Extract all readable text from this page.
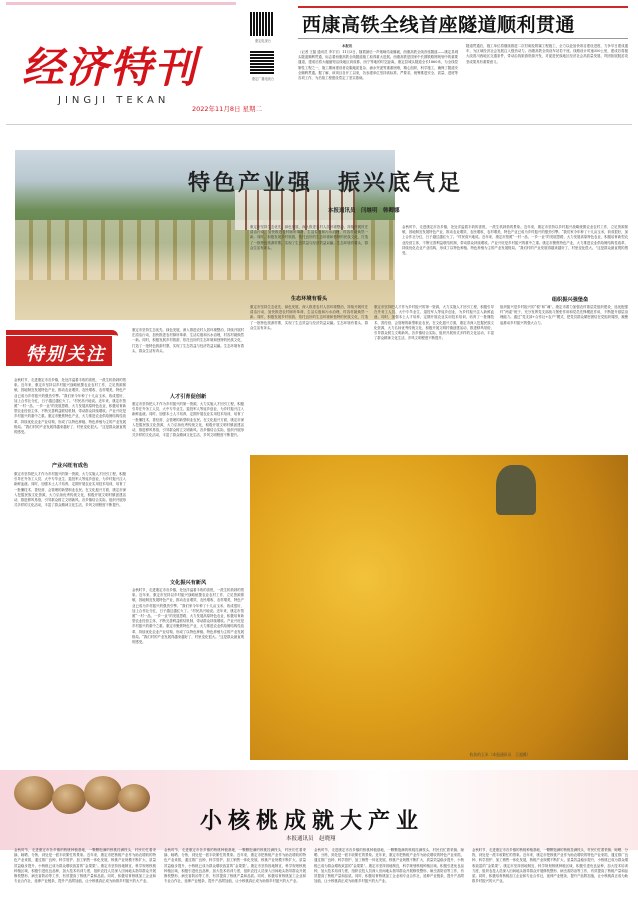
经济特刊
JINGJI TEKAN
2022年11月8日 星期二
康定电视台
康定广播电视台
西康高铁全线首座隧道顺利贯通
本报讯
（记者 王磊 通讯员 李宇宏）11月3日，随着最后一声炮响结束爆破，西康高铁全线首座隧道——康定县城头隧道顺利贯通，标志着西康高铁全线隧道施工取得重大进展。西康高铁是国家中长期铁路网规划中的重要通道，建成后将大幅缩短沿线地区到成都、西宁等地的时空距离。康定县城头隧道全长1860米，为全线控制性工程之一，施工期间建设者克服地质复杂、涌水突泥等重重困难，精心组织，科学施工，确保了隧道安全顺利贯通。据了解，该项目自开工以来，各参建单位坚持高标准、严要求，统筹推进安全、质量、进度等各项工作，为后续工程建设奠定了坚实基础。
隧道贯通后，施工单位将继续推进二次衬砌及附属工程施工，全力以赴加快项目建设进度，力争早日建成通车，为区域经济社会发展注入强劲动力。西康高铁全线设车站若干座，线路设计时速350公里，建成后将极大改善川西地区交通条件，带动沿线旅游资源开发，对促进民族地区经济社会高质量发展、巩固拓展脱贫攻坚成果具有重要意义。
特色产业强　振兴底气足
本报通讯员　闫继明　韩卿娜
金秋时节，走进康定市各乡镇，处处洋溢着丰收的喜悦，一派生机勃勃的景象。近年来，康定市坚持以乡村振兴战略统揽农业农村工作，立足资源禀赋，因地制宜发展特色产业，推动农业增效、农民增收、农村增美，特色产业已成为乡村振兴的强劲引擎。“我们家今年种了十几亩玉米，收成很好，加上合作社分红，日子越过越红火了。”村民高兴地说。近年来，康定市按照“一村一品、一乡一业”的发展思路，大力发展高原特色农业，积极培育新型农业经营主体，不断完善利益联结机制，带动群众持续增收。产业兴旺是乡村振兴的重中之重。康定市聚焦特色产业，大力推进农业供给侧结构性改革，持续优化农业产业结构，形成了以特色种植、特色养殖为主的产业发展格局。“我们村的产业发展得越来越好了，村里变化很大。”这是群众最直观的感受。
组织振兴强堡垒
组织振兴是乡村振兴的“根”和“魂”。康定市着力加强农村基层党组织建设，选优配强村“两委”班子，充分发挥党支部战斗堡垒作用和党员先锋模范作用，不断提升基层治理能力。通过“党支部+合作社+农户”模式，把党员群众紧密团结在党组织周围，凝聚起推动乡村振兴的强大合力。
特别关注
金秋时节，走进康定市各乡镇，处处洋溢着丰收的喜悦，一派生机勃勃的景象。近年来，康定市坚持以乡村振兴战略统揽农业农村工作，立足资源禀赋，因地制宜发展特色产业，推动农业增效、农民增收、农村增美，特色产业已成为乡村振兴的强劲引擎。“我们家今年种了十几亩玉米，收成很好，加上合作社分红，日子越过越红火了。”村民高兴地说。近年来，康定市按照“一村一品、一乡一业”的发展思路，大力发展高原特色农业，积极培育新型农业经营主体，不断完善利益联结机制，带动群众持续增收。产业兴旺是乡村振兴的重中之重。康定市聚焦特色产业，大力推进农业供给侧结构性改革，持续优化农业产业结构，形成了以特色种植、特色养殖为主的产业发展格局。“我们村的产业发展得越来越好了，村里变化很大。”这是群众最直观的感受。
产业兴旺有成色
康定市坚持把人才作为乡村振兴的第一资源，大力实施人才回引工程，积极引导在外务工人员、大中专毕业生、退役军人等返乡创业，为乡村振兴注入新鲜血液。同时，加强本土人才培养，定期开展农业实用技术培训，培育了一批懂技术、善经营、会管理的新型职业农民。在文化振兴方面，康定市深入挖掘民族文化资源，大力弘扬优秀传统文化，积极开展文明村镇创建活动，推进移风易俗，引导群众树立文明新风。各乡镇结合实际，组织开展形式多样的文化活动，丰富了群众精神文化生活，乡风文明程度不断提升。
康定市坚持生态优先、绿色发展，深入推进农村人居环境整治，持续开展村庄清洁行动，加快推进农村厕所革命、生活垃圾和污水治理，村容村貌焕然一新。同时，积极发展乡村旅游，依托良好的生态环境和独特的民族文化，打造了一批特色旅游村寨，实现了生态效益与经济效益双赢。生态环境有看头，群众生活有奔头。
人才引育促创新
康定市坚持把人才作为乡村振兴的第一资源，大力实施人才回引工程，积极引导在外务工人员、大中专毕业生、退役军人等返乡创业，为乡村振兴注入新鲜血液。同时，加强本土人才培养，定期开展农业实用技术培训，培育了一批懂技术、善经营、会管理的新型职业农民。在文化振兴方面，康定市深入挖掘民族文化资源，大力弘扬优秀传统文化，积极开展文明村镇创建活动，推进移风易俗，引导群众树立文明新风。各乡镇结合实际，组织开展形式多样的文化活动，丰富了群众精神文化生活，乡风文明程度不断提升。
文化振兴有新风
金秋时节，走进康定市各乡镇，处处洋溢着丰收的喜悦，一派生机勃勃的景象。近年来，康定市坚持以乡村振兴战略统揽农业农村工作，立足资源禀赋，因地制宜发展特色产业，推动农业增效、农民增收、农村增美，特色产业已成为乡村振兴的强劲引擎。“我们家今年种了十几亩玉米，收成很好，加上合作社分红，日子越过越红火了。”村民高兴地说。近年来，康定市按照“一村一品、一乡一业”的发展思路，大力发展高原特色农业，积极培育新型农业经营主体，不断完善利益联结机制，带动群众持续增收。产业兴旺是乡村振兴的重中之重。康定市聚焦特色产业，大力推进农业供给侧结构性改革，持续优化农业产业结构，形成了以特色种植、特色养殖为主的产业发展格局。“我们村的产业发展得越来越好了，村里变化很大。”这是群众最直观的感受。
康定市坚持生态优先、绿色发展，深入推进农村人居环境整治，持续开展村庄清洁行动，加快推进农村厕所革命、生活垃圾和污水治理，村容村貌焕然一新。同时，积极发展乡村旅游，依托良好的生态环境和独特的民族文化，打造了一批特色旅游村寨，实现了生态效益与经济效益双赢。生态环境有看头，群众生活有奔头。
生态环境有看头
康定市坚持生态优先、绿色发展，深入推进农村人居环境整治，持续开展村庄清洁行动，加快推进农村厕所革命、生活垃圾和污水治理，村容村貌焕然一新。同时，积极发展乡村旅游，依托良好的生态环境和独特的民族文化，打造了一批特色旅游村寨，实现了生态效益与经济效益双赢。生态环境有看头，群众生活有奔头。
康定市坚持把人才作为乡村振兴的第一资源，大力实施人才回引工程，积极引导在外务工人员、大中专毕业生、退役军人等返乡创业，为乡村振兴注入新鲜血液。同时，加强本土人才培养，定期开展农业实用技术培训，培育了一批懂技术、善经营、会管理的新型职业农民。在文化振兴方面，康定市深入挖掘民族文化资源，大力弘扬优秀传统文化，积极开展文明村镇创建活动，推进移风易俗，引导群众树立文明新风。各乡镇结合实际，组织开展形式多样的文化活动，丰富了群众精神文化生活，乡风文明程度不断提升。
收获的玉米（本报通讯员　王超摄）
小核桃成就大产业
本报通讯员　赵晓翔
金秋时节，走进康定市各乡镇的核桃种植基地，一颗颗饱满的核桃挂满枝头，村民们忙着采摘、晾晒、分拣，到处是一派丰收繁忙的景象。近年来，康定市把核桃产业作为助农增收的特色产业来抓，通过推广良种、科学管护、加工销售一体化发展，核桃产业规模不断扩大，质量效益稳步提升，小核桃已成为群众增收致富的“金果果”。康定市坚持因地制宜，科学规划核桃种植区域，积极引进优良品种，加大技术培训力度，组织农技人员深入田间地头指导群众开展修枝整形、病虫害防治等工作，有效提高了核桃产量和品质。同时，积极培育核桃加工企业和专业合作社，延伸产业链条，提升产品附加值，让小核桃真正成为助推乡村振兴的大产业。
金秋时节，走进康定市各乡镇的核桃种植基地，一颗颗饱满的核桃挂满枝头，村民们忙着采摘、晾晒、分拣，到处是一派丰收繁忙的景象。近年来，康定市把核桃产业作为助农增收的特色产业来抓，通过推广良种、科学管护、加工销售一体化发展，核桃产业规模不断扩大，质量效益稳步提升，小核桃已成为群众增收致富的“金果果”。康定市坚持因地制宜，科学规划核桃种植区域，积极引进优良品种，加大技术培训力度，组织农技人员深入田间地头指导群众开展修枝整形、病虫害防治等工作，有效提高了核桃产量和品质。同时，积极培育核桃加工企业和专业合作社，延伸产业链条，提升产品附加值，让小核桃真正成为助推乡村振兴的大产业。
金秋时节，走进康定市各乡镇的核桃种植基地，一颗颗饱满的核桃挂满枝头，村民们忙着采摘、晾晒、分拣，到处是一派丰收繁忙的景象。近年来，康定市把核桃产业作为助农增收的特色产业来抓，通过推广良种、科学管护、加工销售一体化发展，核桃产业规模不断扩大，质量效益稳步提升，小核桃已成为群众增收致富的“金果果”。康定市坚持因地制宜，科学规划核桃种植区域，积极引进优良品种，加大技术培训力度，组织农技人员深入田间地头指导群众开展修枝整形、病虫害防治等工作，有效提高了核桃产量和品质。同时，积极培育核桃加工企业和专业合作社，延伸产业链条，提升产品附加值，让小核桃真正成为助推乡村振兴的大产业。
金秋时节，走进康定市各乡镇的核桃种植基地，一颗颗饱满的核桃挂满枝头，村民们忙着采摘、晾晒、分拣，到处是一派丰收繁忙的景象。近年来，康定市把核桃产业作为助农增收的特色产业来抓，通过推广良种、科学管护、加工销售一体化发展，核桃产业规模不断扩大，质量效益稳步提升，小核桃已成为群众增收致富的“金果果”。康定市坚持因地制宜，科学规划核桃种植区域，积极引进优良品种，加大技术培训力度，组织农技人员深入田间地头指导群众开展修枝整形、病虫害防治等工作，有效提高了核桃产量和品质。同时，积极培育核桃加工企业和专业合作社，延伸产业链条，提升产品附加值，让小核桃真正成为助推乡村振兴的大产业。
